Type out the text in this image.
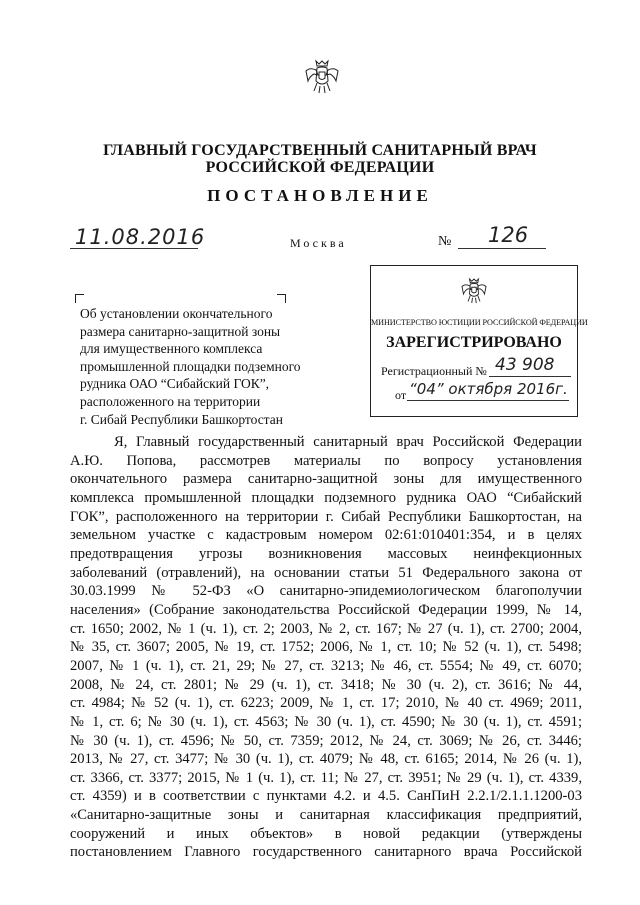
ГЛАВНЫЙ ГОСУДАРСТВЕННЫЙ САНИТАРНЫЙ ВРАЧ
РОССИЙСКОЙ ФЕДЕРАЦИИ
ПОСТАНОВЛЕНИЕ
11.08.2016	Москва	№ 126
Об установлении окончательного
размера санитарно-защитной зоны
для имущественного комплекса
промышленной площадки подземного
рудника ОАО “Сибайский ГОК”,
расположенного на территории
г. Сибай Республики Башкортостан
МИНИСТЕРСТВО ЮСТИЦИИ РОССИЙСКОЙ ФЕДЕРАЦИИ
ЗАРЕГИСТРИРОВАНО
Регистрационный № 43 908
от “04” октября 2016г.
Я, Главный государственный санитарный врач Российской Федерации
А.Ю. Попова, рассмотрев материалы по вопросу установления
окончательного размера санитарно-защитной зоны для имущественного
комплекса промышленной площадки подземного рудника ОАО “Сибайский
ГОК”, расположенного на территории г. Сибай Республики Башкортостан, на
земельном участке с кадастровым номером 02:61:010401:354, и в целях
предотвращения угрозы возникновения массовых неинфекционных
заболеваний (отравлений), на основании статьи 51 Федерального закона от
30.03.1999 № 52-ФЗ «О санитарно-эпидемиологическом благополучии
населения» (Собрание законодательства Российской Федерации 1999, № 14,
ст. 1650; 2002, № 1 (ч. 1), ст. 2; 2003, № 2, ст. 167; № 27 (ч. 1), ст. 2700; 2004,
№ 35, ст. 3607; 2005, № 19, ст. 1752; 2006, № 1, ст. 10; № 52 (ч. 1), ст. 5498;
2007, № 1 (ч. 1), ст. 21, 29; № 27, ст. 3213; № 46, ст. 5554; № 49, ст. 6070;
2008, № 24, ст. 2801; № 29 (ч. 1), ст. 3418; № 30 (ч. 2), ст. 3616; № 44,
ст. 4984; № 52 (ч. 1), ст. 6223; 2009, № 1, ст. 17; 2010, № 40 ст. 4969; 2011,
№ 1, ст. 6; № 30 (ч. 1), ст. 4563; № 30 (ч. 1), ст. 4590; № 30 (ч. 1), ст. 4591;
№ 30 (ч. 1), ст. 4596; № 50, ст. 7359; 2012, № 24, ст. 3069; № 26, ст. 3446;
2013, № 27, ст. 3477; № 30 (ч. 1), ст. 4079; № 48, ст. 6165; 2014, № 26 (ч. 1),
ст. 3366, ст. 3377; 2015, № 1 (ч. 1), ст. 11; № 27, ст. 3951; № 29 (ч. 1), ст. 4339,
ст. 4359) и в соответствии с пунктами 4.2. и 4.5. СанПиН 2.2.1/2.1.1.1200-03
«Санитарно-защитные зоны и санитарная классификация предприятий,
сооружений и иных объектов» в новой редакции (утверждены
постановлением Главного государственного санитарного врача Российской
